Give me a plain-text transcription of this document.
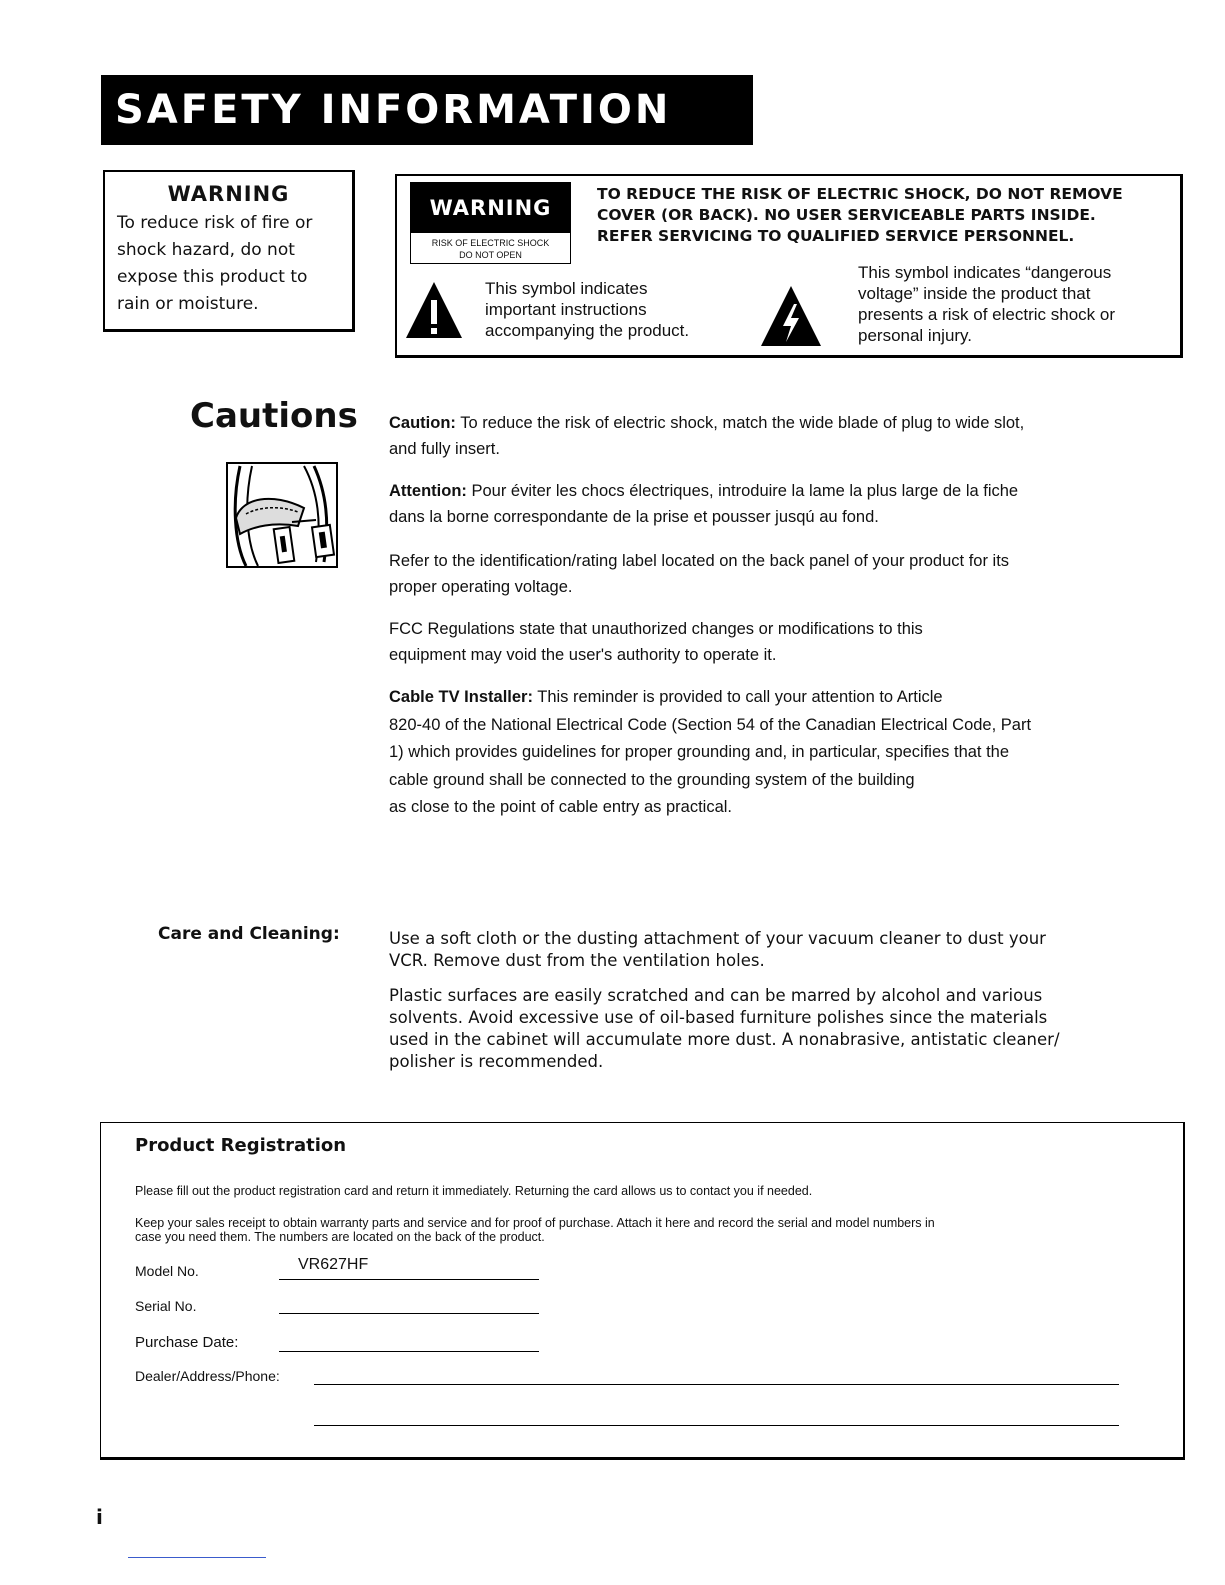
SAFETY INFORMATION
WARNING
To reduce risk of fire or
shock hazard, do not
expose this product to
rain or moisture.
WARNING
RISK OF ELECTRIC SHOCK
DO NOT OPEN
TO REDUCE THE RISK OF ELECTRIC SHOCK, DO NOT REMOVE
COVER (OR BACK). NO USER SERVICEABLE PARTS INSIDE.
REFER SERVICING TO QUALIFIED SERVICE PERSONNEL.
This symbol indicates
important instructions
accompanying the product.
This symbol indicates “dangerous
voltage” inside the product that
presents a risk of electric shock or
personal injury.
Cautions Caution: To reduce the risk of electric shock, match the wide blade of plug to wide slot,
and fully insert.
Attention: Pour éviter les chocs électriques, introduire la lame la plus large de la fiche
dans la borne correspondante de la prise et pousser jusqú au fond.
Refer to the identification/rating label located on the back panel of your product for its
proper operating voltage.
FCC Regulations state that unauthorized changes or modifications to this
equipment may void the user's authority to operate it.
Cable TV Installer: This reminder is provided to call your attention to Article
820-40 of the National Electrical Code (Section 54 of the Canadian Electrical Code, Part
1) which provides guidelines for proper grounding and, in particular, specifies that the
cable ground shall be connected to the grounding system of the building
as close to the point of cable entry as practical.
Care and Cleaning:	Use a soft cloth or the dusting attachment of your vacuum cleaner to dust your
VCR. Remove dust from the ventilation holes.
Plastic surfaces are easily scratched and can be marred by alcohol and various
solvents. Avoid excessive use of oil-based furniture polishes since the materials
used in the cabinet will accumulate more dust. A nonabrasive, antistatic cleaner/
polisher is recommended.
Product Registration
Please fill out the product registration card and return it immediately. Returning the card allows us to contact you if needed.
Keep your sales receipt to obtain warranty parts and service and for proof of purchase. Attach it here and record the serial and model numbers in
case you need them. The numbers are located on the back of the product.
Model No.	VR627HF
Serial No.
Purchase Date:
Dealer/Address/Phone:
i
